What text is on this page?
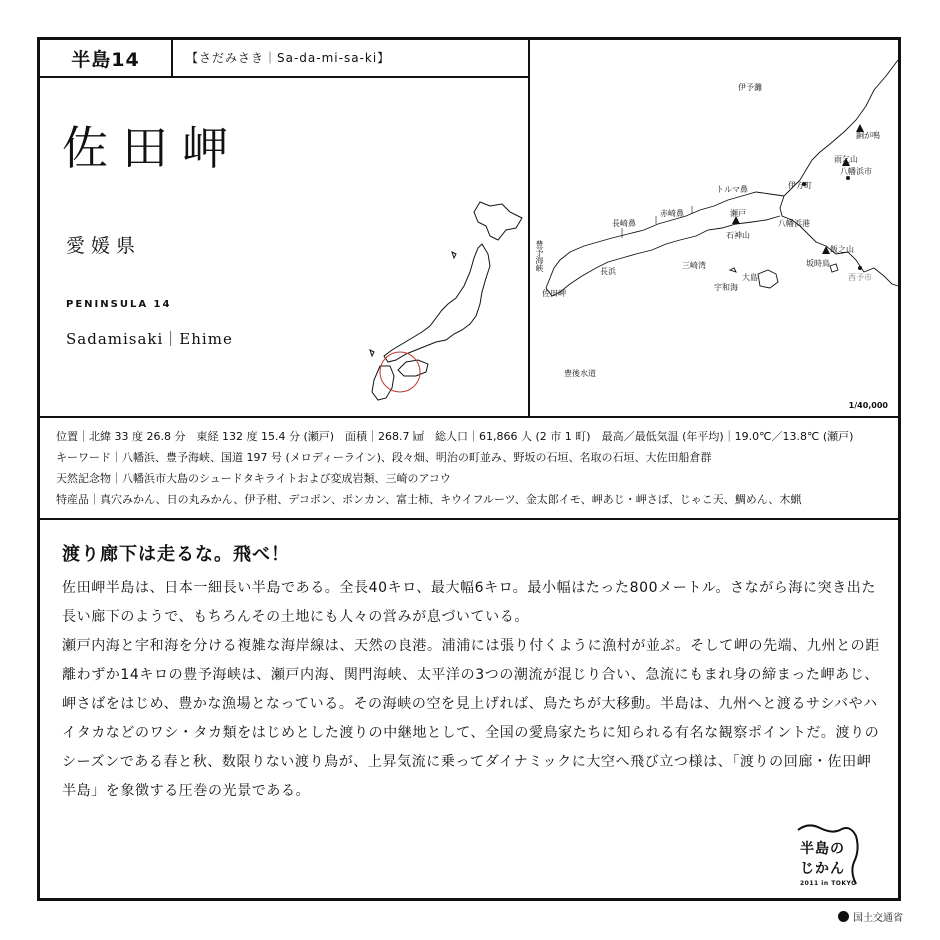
半島14	【さだみさき｜Sa-da-mi-sa-ki】
佐田岬
愛媛県
PENINSULA 14
Sadamisaki｜Ehime
伊予灘
銅が鳴
雨乞山
伊方町
八幡浜市
八幡浜港
トルマ鼻
赤崎鼻
長崎鼻
瀬戸
石神山
坂時鳥
飯之山
西予市
大島
豊予海峡	長浜
三崎湾
宇和海
佐田岬
豊後水道
1/40,000
位置｜北緯 33 度 26.8 分　東経 132 度 15.4 分 (瀬戸)　面積｜268.7 ㎢　総人口｜61,866 人 (2 市 1 町)　最高／最低気温 (年平均)｜19.0℃／13.8℃ (瀬戸)
キーワード｜八幡浜、豊予海峡、国道 197 号 (メロディーライン)、段々畑、明治の町並み、野坂の石垣、名取の石垣、大佐田船倉群
天然記念物｜八幡浜市大島のシュードタキライトおよび変成岩類、三崎のアコウ
特産品｜真穴みかん、日の丸みかん、伊予柑、デコポン、ポンカン、富士柿、キウイフルーツ、金太郎イモ、岬あじ・岬さば、じゃこ天、鯛めん、木蝋
渡り廊下は走るな。飛べ！

佐田岬半島は、日本一細長い半島である。全長40キロ、最大幅6キロ。最小幅はたった800メートル。さながら海に突き出た長い廊下のようで、もちろんその土地にも人々の営みが息づいている。

瀬戸内海と宇和海を分ける複雑な海岸線は、天然の良港。浦浦には張り付くように漁村が並ぶ。そして岬の先端、九州との距離わずか14キロの豊予海峡は、瀬戸内海、関門海峡、太平洋の3つの潮流が混じり合い、急流にもまれ身の締まった岬あじ、岬さばをはじめ、豊かな漁場となっている。その海峡の空を見上げれば、鳥たちが大移動。半島は、九州へと渡るサシバやハイタカなどのワシ・タカ類をはじめとした渡りの中継地として、全国の愛鳥家たちに知られる有名な観察ポイントだ。渡りのシーズンである春と秋、数限りない渡り鳥が、上昇気流に乗ってダイナミックに大空へ飛び立つ様は、「渡りの回廊・佐田岬半島」を象徴する圧巻の光景である。

半島の
じかん
2011 in TOKYO
国土交通省
